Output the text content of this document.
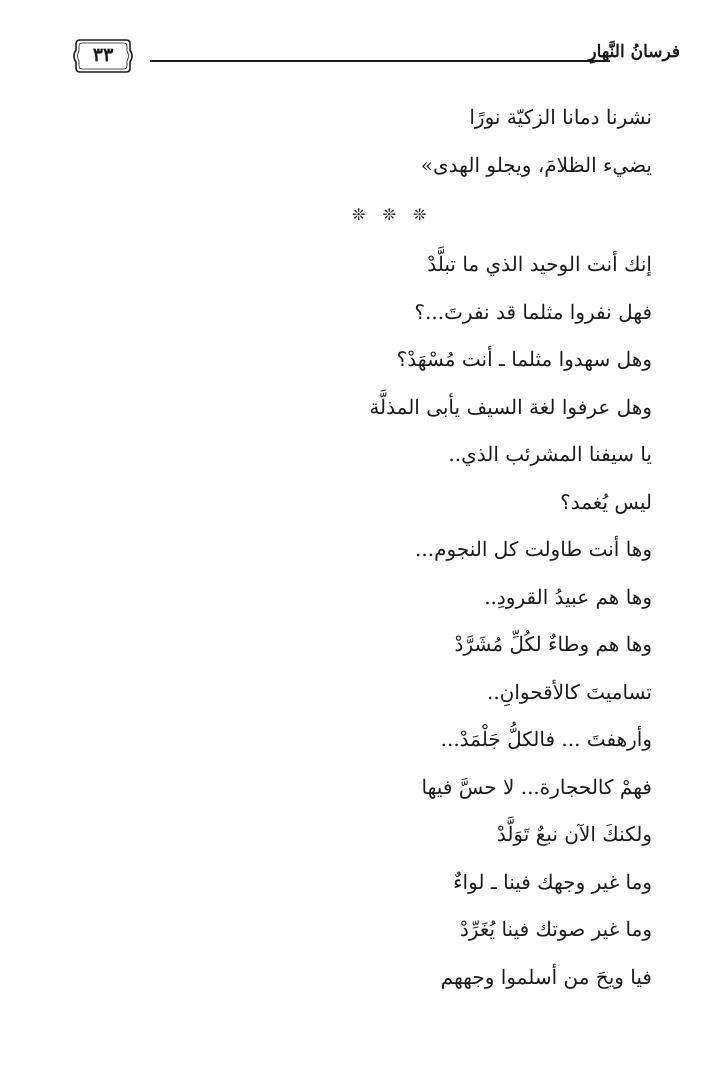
٣٣	فرسانُ النَّهارِ
نشرنا دمانا الزكيّة نورًا
يضيء الظلامَ، ويجلو الهدى»
❊ ❊ ❊
إنك أنت الوحيد الذي ما تبلَّدْ
فهل نفروا مثلما قد نفرتَ...؟
وهل سهدوا مثلما ـ أنت مُسْهَدْ؟
وهل عرفوا لغة السيف يأبى المذلَّة
يا سيفنا المشرئب الذي..
ليس يُغمد؟
وها أنت طاولت كل النجوم...
وها هم عبيدُ القرودِ..
وها هم وطاءٌ لكُلِّ مُشَرَّدْ
تساميتَ كالأقحوانِ..
وأرهفتَ ... فالكلُّ جَلْمَدْ...
فهمْ كالحجارة... لا حسَّ فيها
ولكنكَ الآن نبعٌ تَوَلَّدْ
وما غير وجهك فينا ـ لواءٌ
وما غير صوتك فينا يُغَرِّدْ
فيا ويحَ من أسلموا وجههم
